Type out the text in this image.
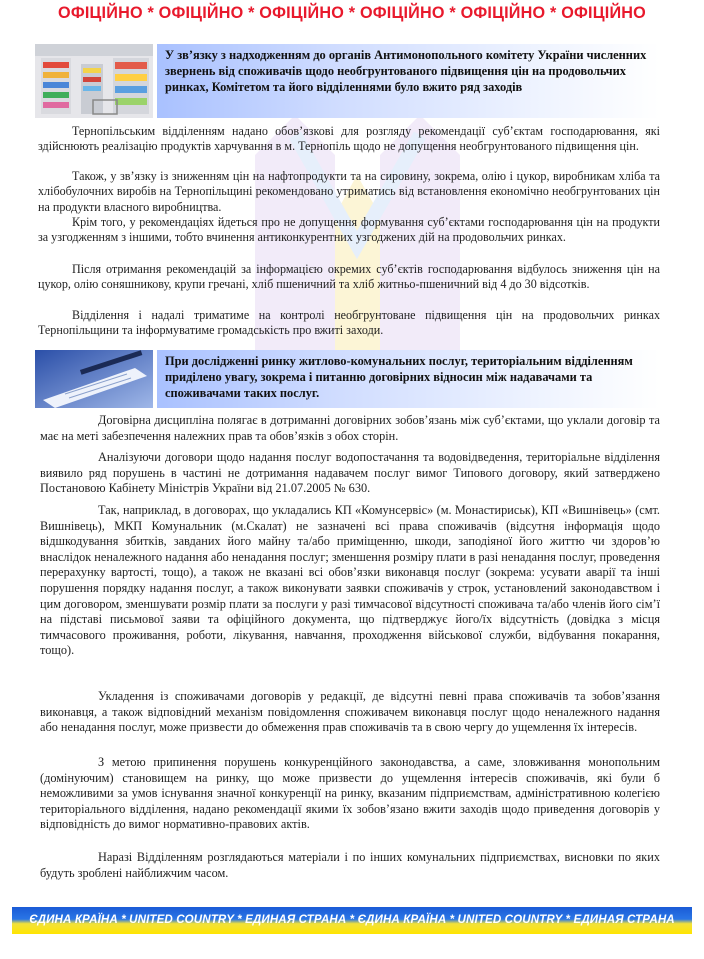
ОФІЦІЙНО * ОФІЦІЙНО * ОФІЦІЙНО * ОФІЦІЙНО * ОФІЦІЙНО * ОФІЦІЙНО
У зв’язку з надходженням до органів Антимонопольного комітету України численних звернень від споживачів щодо необгрунтованого підвищення цін на продовольчих ринках, Комітетом та його відділеннями було вжито ряд заходів

Тернопільським відділенням надано обов’язкові для розгляду рекомендації суб’єктам господарювання, які здійснюють реалізацію продуктів харчування в м. Тернопіль щодо не допущення необгрунтованого підвищення цін.

Також, у зв’язку із зниженням цін на нафтопродукти та на сировину, зокрема, олію і цукор, виробникам хліба та хлібобулочних виробів на Тернопільщині рекомендовано утриматись від встановлення економічно необгрунтованих цін на продукти власного виробництва.

Крім того, у рекомендаціях йдеться про не допущення формування суб’єктами господарювання цін на продукти за узгодженням з іншими, тобто вчинення антиконкурентних узгоджених дій на продовольчих ринках.

Після отримання рекомендацій за інформацією окремих суб’єктів господарювання відбулось зниження цін на цукор, олію соняшникову, крупи гречані, хліб пшеничний та хліб житньо-пшеничний від 4 до 30 відсотків.

Відділення і надалі триматиме на контролі необгрунтоване підвищення цін на продовольчих ринках Тернопільщини та інформуватиме громадськість про вжиті заходи.

При дослідженні ринку житлово-комунальних послуг, територіальним відділенням приділено увагу, зокрема і питанню договірних відносин між надавачами та споживачами таких послуг.

Договірна дисципліна полягає в дотриманні договірних зобов’язань між суб’єктами, що уклали договір та має на меті забезпечення належних прав та обов’язків з обох сторін.

Аналізуючи договори щодо надання послуг водопостачання та водовідведення, територіальне відділення виявило ряд порушень в частині не дотримання надавачем послуг вимог Типового договору, який затверджено Постановою Кабінету Міністрів України від 21.07.2005 № 630.

Так, наприклад, в договорах, що укладались КП «Комунсервіс» (м. Монастириськ), КП «Вишнівець» (смт. Вишнівець), МКП Комунальник (м.Скалат) не зазначені всі права споживачів (відсутня інформація щодо відшкодування збитків, завданих його майну та/або приміщенню, шкоди, заподіяної його життю чи здоров’ю внаслідок неналежного надання або ненадання послуг; зменшення розміру плати в разі ненадання послуг, проведення перерахунку вартості, тощо), а також не вказані всі обов’язки виконавця послуг (зокрема: усувати аварії та інші порушення порядку надання послуг, а також виконувати заявки споживачів у строк, установлений законодавством і цим договором, зменшувати розмір плати за послуги у разі тимчасової відсутності споживача та/або членів його сім’ї на підставі письмової заяви та офіційного документа, що підтверджує його/їх відсутність (довідка з місця тимчасового проживання, роботи, лікування, навчання, проходження військової служби, відбування покарання, тощо).

Укладення із споживачами договорів у редакції, де відсутні певні права споживачів та зобов’язання виконавця, а також відповідний механізм повідомлення споживачем виконавця послуг щодо неналежного надання або ненадання послуг, може призвести до обмеження прав споживачів та в свою чергу до ущемлення їх інтересів.

З метою припинення порушень конкуренційного законодавства, а саме, зловживання монопольним (домінуючим) становищем на ринку, що може призвести до ущемлення інтересів споживачів, які були б неможливими за умов існування значної конкуренції на ринку, вказаним підприємствам, адміністративною колегією територіального відділення, надано рекомендації якими їх зобов’язано вжити заходів щодо приведення договорів у відповідність до вимог нормативно-правових актів.

Наразі Відділенням розглядаються матеріали і по інших комунальних підприємствах, висновки по яких будуть зроблені найближчим часом.

ЄДИНА КРАЇНА * UNITED COUNTRY * ЕДИНАЯ СТРАНА * ЄДИНА КРАЇНА * UNITED COUNTRY * ЕДИНАЯ СТРАНА
